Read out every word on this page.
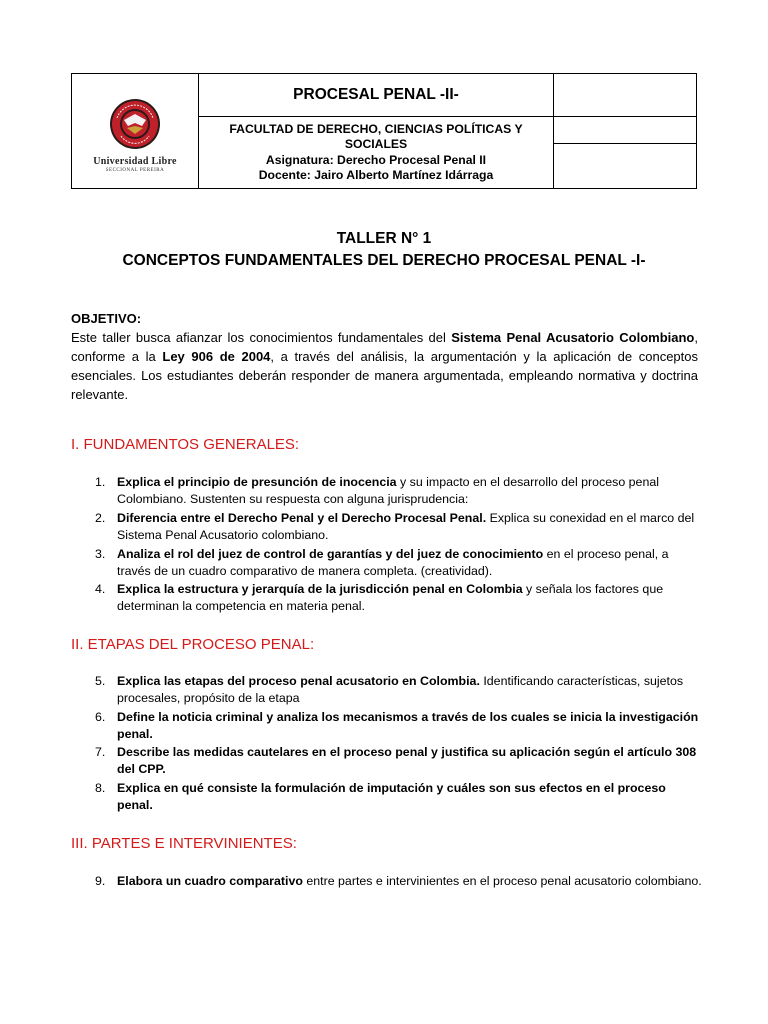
Universidad Libre
SECCIONAL PEREIRA
PROCESAL PENAL -II-
FACULTAD DE DERECHO, CIENCIAS POLÍTICAS Y
SOCIALES
Asignatura: Derecho Procesal Penal II
Docente: Jairo Alberto Martínez Idárraga
TALLER N° 1
CONCEPTOS FUNDAMENTALES DEL DERECHO PROCESAL PENAL -I-
OBJETIVO:
Este taller busca afianzar los conocimientos fundamentales del Sistema Penal Acusatorio Colombiano, conforme a la Ley 906 de 2004, a través del análisis, la argumentación y la aplicación de conceptos esenciales. Los estudiantes deberán responder de manera argumentada, empleando normativa y doctrina relevante.
I. FUNDAMENTOS GENERALES:
1. Explica el principio de presunción de inocencia y su impacto en el desarrollo del proceso penal Colombiano. Sustenten su respuesta con alguna jurisprudencia:
2. Diferencia entre el Derecho Penal y el Derecho Procesal Penal. Explica su conexidad en el marco del Sistema Penal Acusatorio colombiano.
3. Analiza el rol del juez de control de garantías y del juez de conocimiento en el proceso penal, a través de un cuadro comparativo de manera completa. (creatividad).
4. Explica la estructura y jerarquía de la jurisdicción penal en Colombia y señala los factores que determinan la competencia en materia penal.
II. ETAPAS DEL PROCESO PENAL:
5. Explica las etapas del proceso penal acusatorio en Colombia. Identificando características, sujetos procesales, propósito de la etapa
6. Define la noticia criminal y analiza los mecanismos a través de los cuales se inicia la investigación penal.
7. Describe las medidas cautelares en el proceso penal y justifica su aplicación según el artículo 308 del CPP.
8. Explica en qué consiste la formulación de imputación y cuáles son sus efectos en el proceso penal.
III. PARTES E INTERVINIENTES:
9. Elabora un cuadro comparativo entre partes e intervinientes en el proceso penal acusatorio colombiano.
